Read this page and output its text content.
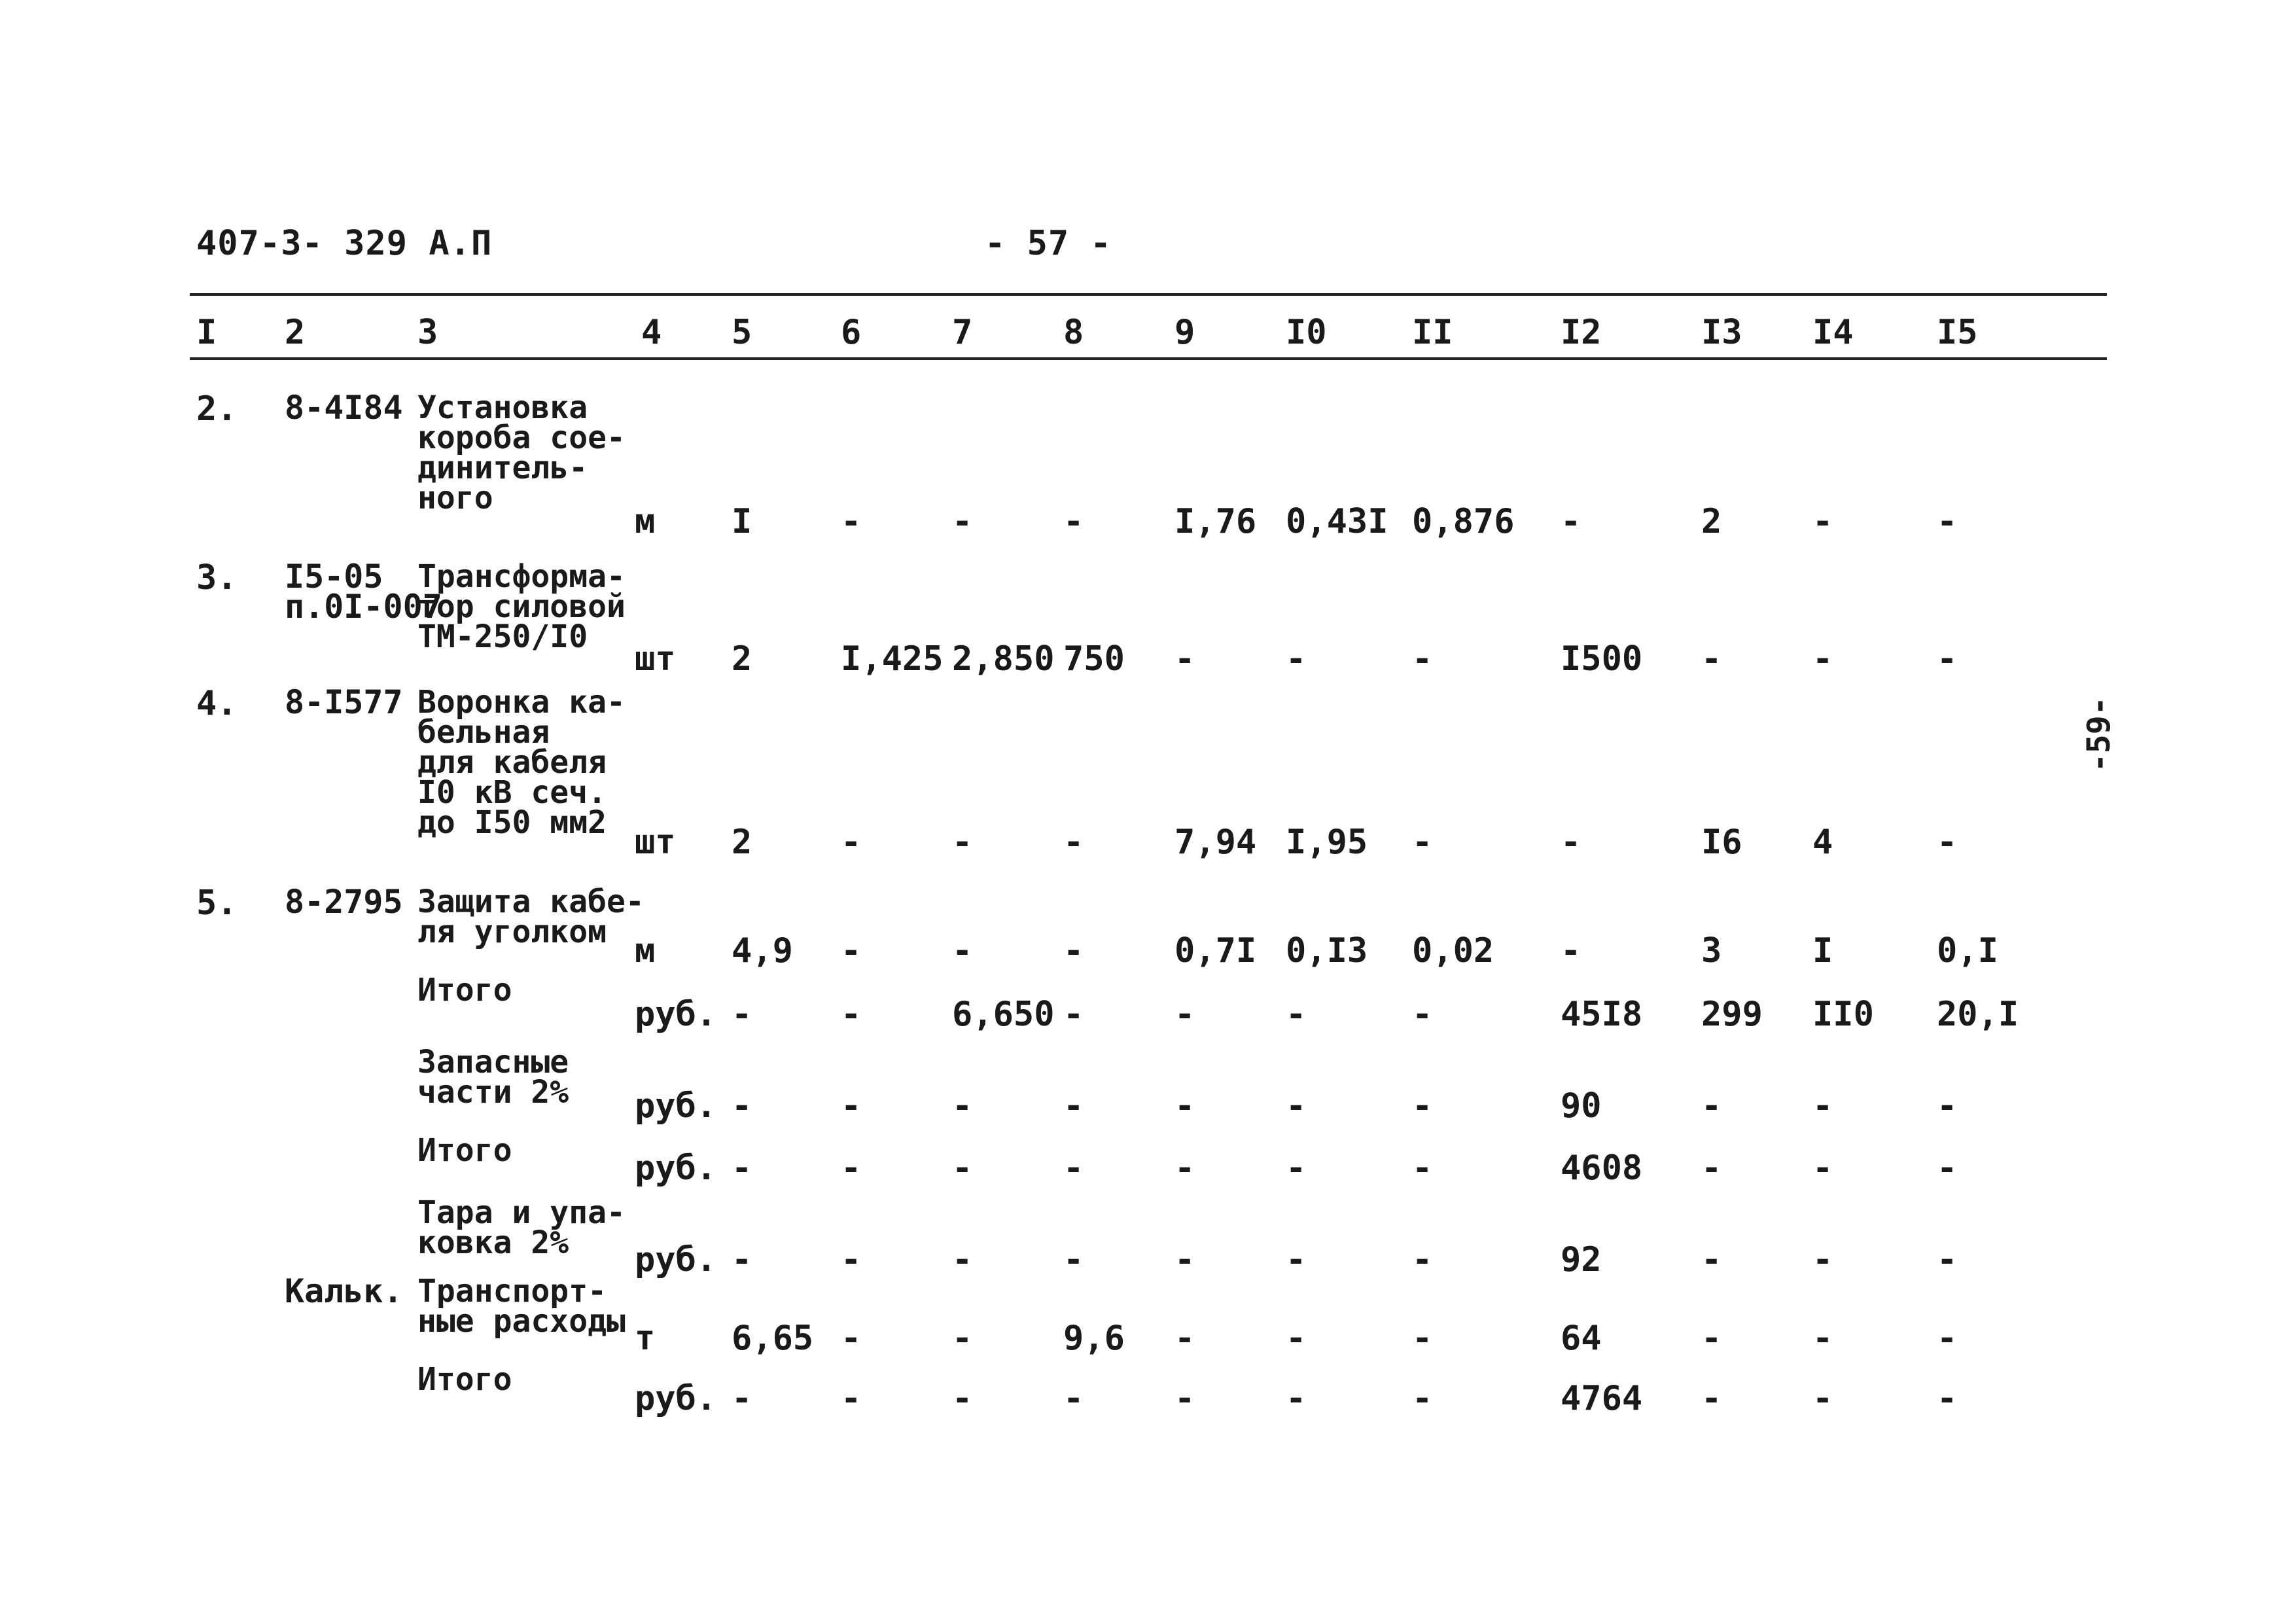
407-3- 329 А.П	- 57 -
I 2	3	4 5	6	7	8	9	I0	II	I2	I3 I4 I5
2. 8-4I84 Установка
короба сое-
динитель-
ного
м I	-	-	-	I,76 0,43I 0,876 -	2	-	-
3. I5-05
п.0I-007
Трансформа-
тор силовой
ТМ-250/I0
шт 2	I,425 2,850 750 -	-	-	I500 -	-	-
4. 8-I577 Воронка ка-
бельная
для кабеля
I0 кВ сеч.
до I50 мм2 шт 2	-	-	-	7,94 I,95 -	-	I6 4	-
5. 8-2795 Защита кабе-
ля уголком м 4,9 -	-	-	0,7I 0,I3 0,02 -	3	I	0,I
Итого
руб. -	-	6,650 -	-	-	-	45I8 299 II0 20,I
Запасные
части 2% руб. -	-	-	-	-	-	-	90	-	-	-
Итого	руб. -	-	-	-	-	-	-	4608 -	-	-
Тара и упа-
ковка 2%	руб. -	-	-	-	-	-	-	92	-	-	-
Кальк. Транспорт-
ные расходы т 6,65 -	-	9,6 -	-	-	64	-	-	-
Итого	руб. -	-	-	-	-	-	-	4764 -	-	-
-59-
